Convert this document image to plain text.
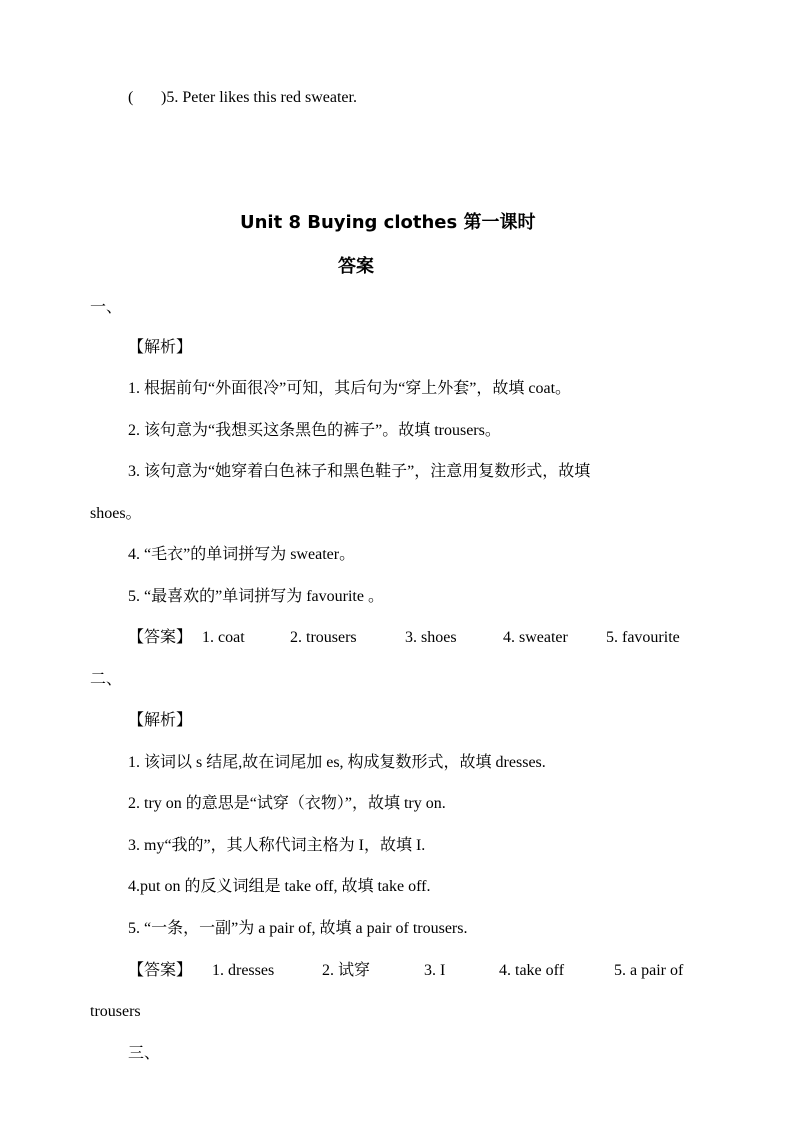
( )5. Peter likes this red sweater.
Unit 8 Buying clothes 第一课时
答案
一、
【解析】
1. 根据前句“外面很冷”可知，其后句为“穿上外套”，故填 coat。
2. 该句意为“我想买这条黑色的裤子”。故填 trousers。
3. 该句意为“她穿着白色袜子和黑色鞋子”，注意用复数形式，故填
shoes。
4. “毛衣”的单词拼写为 sweater。
5. “最喜欢的”单词拼写为 favourite 。
【答案】 1. coat	2. trousers	3. shoes	4. sweater 5. favourite
二、
【解析】
1. 该词以 s 结尾,故在词尾加 es, 构成复数形式，故填 dresses.
2. try on 的意思是“试穿（衣物）”，故填 try on.
3. my“我的”，其人称代词主格为 I，故填 I.
4.put on 的反义词组是 take off, 故填 take off.
5. “一条，一副”为 a pair of, 故填 a pair of trousers.
【答案】 1. dresses	2. 试穿	3. I	4. take off	5. a pair of
trousers
三、
